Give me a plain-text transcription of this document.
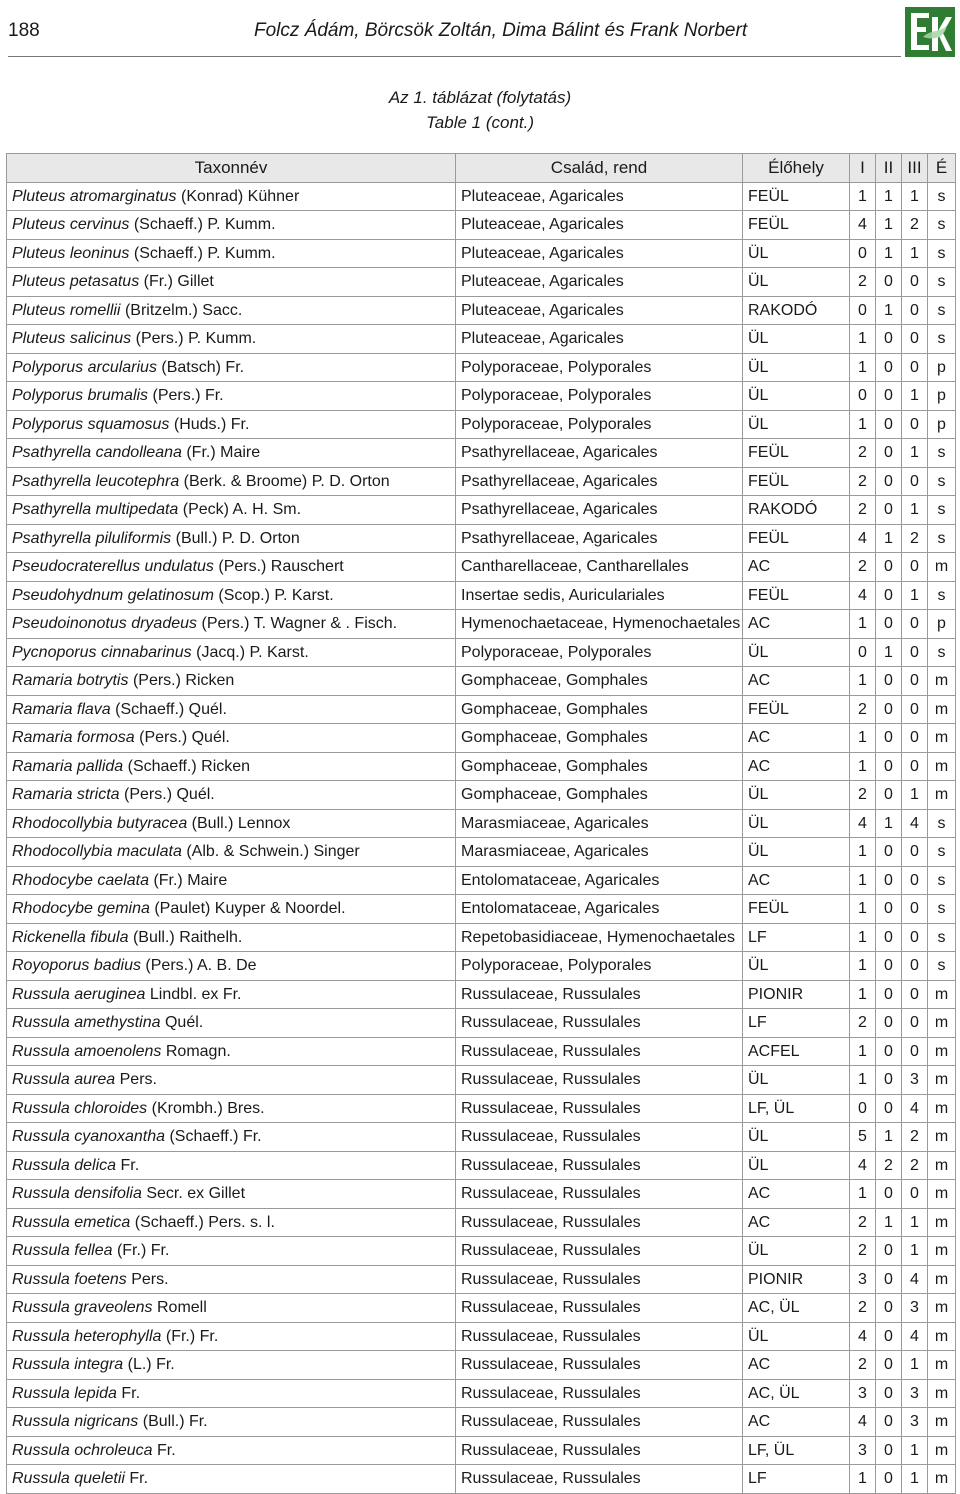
188	Folcz Ádám, Börcsök Zoltán, Dima Bálint és Frank Norbert
Az 1. táblázat (folytatás)
Table 1 (cont.)
Taxonnév	Család, rend	Élőhely	I	II	III	É
Pluteus atromarginatus (Konrad) Kühner	Pluteaceae, Agaricales	FEÜL	1	1	1	s
Pluteus cervinus (Schaeff.) P. Kumm.	Pluteaceae, Agaricales	FEÜL	4	1	2	s
Pluteus leoninus (Schaeff.) P. Kumm.	Pluteaceae, Agaricales	ÜL	0	1	1	s
Pluteus petasatus (Fr.) Gillet	Pluteaceae, Agaricales	ÜL	2	0	0	s
Pluteus romellii (Britzelm.) Sacc.	Pluteaceae, Agaricales	RAKODÓ	0	1	0	s
Pluteus salicinus (Pers.) P. Kumm.	Pluteaceae, Agaricales	ÜL	1	0	0	s
Polyporus arcularius (Batsch) Fr.	Polyporaceae, Polyporales	ÜL	1	0	0	p
Polyporus brumalis (Pers.) Fr.	Polyporaceae, Polyporales	ÜL	0	0	1	p
Polyporus squamosus (Huds.) Fr.	Polyporaceae, Polyporales	ÜL	1	0	0	p
Psathyrella candolleana (Fr.) Maire	Psathyrellaceae, Agaricales	FEÜL	2	0	1	s
Psathyrella leucotephra (Berk. & Broome) P. D. Orton	Psathyrellaceae, Agaricales	FEÜL	2	0	0	s
Psathyrella multipedata (Peck) A. H. Sm.	Psathyrellaceae, Agaricales	RAKODÓ	2	0	1	s
Psathyrella piluliformis (Bull.) P. D. Orton	Psathyrellaceae, Agaricales	FEÜL	4	1	2	s
Pseudocraterellus undulatus (Pers.) Rauschert	Cantharellaceae, Cantharellales	AC	2	0	0	m
Pseudohydnum gelatinosum (Scop.) P. Karst.	Insertae sedis, Auriculariales	FEÜL	4	0	1	s
Pseudoinonotus dryadeus (Pers.) T. Wagner & . Fisch.	Hymenochaetaceae, Hymenochaetales	AC	1	0	0	p
Pycnoporus cinnabarinus (Jacq.) P. Karst.	Polyporaceae, Polyporales	ÜL	0	1	0	s
Ramaria botrytis (Pers.) Ricken	Gomphaceae, Gomphales	AC	1	0	0	m
Ramaria flava (Schaeff.) Quél.	Gomphaceae, Gomphales	FEÜL	2	0	0	m
Ramaria formosa (Pers.) Quél.	Gomphaceae, Gomphales	AC	1	0	0	m
Ramaria pallida (Schaeff.) Ricken	Gomphaceae, Gomphales	AC	1	0	0	m
Ramaria stricta (Pers.) Quél.	Gomphaceae, Gomphales	ÜL	2	0	1	m
Rhodocollybia butyracea (Bull.) Lennox	Marasmiaceae, Agaricales	ÜL	4	1	4	s
Rhodocollybia maculata (Alb. & Schwein.) Singer	Marasmiaceae, Agaricales	ÜL	1	0	0	s
Rhodocybe caelata (Fr.) Maire	Entolomataceae, Agaricales	AC	1	0	0	s
Rhodocybe gemina (Paulet) Kuyper & Noordel.	Entolomataceae, Agaricales	FEÜL	1	0	0	s
Rickenella fibula (Bull.) Raithelh.	Repetobasidiaceae, Hymenochaetales	LF	1	0	0	s
Royoporus badius (Pers.) A. B. De	Polyporaceae, Polyporales	ÜL	1	0	0	s
Russula aeruginea Lindbl. ex Fr.	Russulaceae, Russulales	PIONIR	1	0	0	m
Russula amethystina Quél.	Russulaceae, Russulales	LF	2	0	0	m
Russula amoenolens Romagn.	Russulaceae, Russulales	ACFEL	1	0	0	m
Russula aurea Pers.	Russulaceae, Russulales	ÜL	1	0	3	m
Russula chloroides (Krombh.) Bres.	Russulaceae, Russulales	LF, ÜL	0	0	4	m
Russula cyanoxantha (Schaeff.) Fr.	Russulaceae, Russulales	ÜL	5	1	2	m
Russula delica Fr.	Russulaceae, Russulales	ÜL	4	2	2	m
Russula densifolia Secr. ex Gillet	Russulaceae, Russulales	AC	1	0	0	m
Russula emetica (Schaeff.) Pers. s. l.	Russulaceae, Russulales	AC	2	1	1	m
Russula fellea (Fr.) Fr.	Russulaceae, Russulales	ÜL	2	0	1	m
Russula foetens Pers.	Russulaceae, Russulales	PIONIR	3	0	4	m
Russula graveolens Romell	Russulaceae, Russulales	AC, ÜL	2	0	3	m
Russula heterophylla (Fr.) Fr.	Russulaceae, Russulales	ÜL	4	0	4	m
Russula integra (L.) Fr.	Russulaceae, Russulales	AC	2	0	1	m
Russula lepida Fr.	Russulaceae, Russulales	AC, ÜL	3	0	3	m
Russula nigricans (Bull.) Fr.	Russulaceae, Russulales	AC	4	0	3	m
Russula ochroleuca Fr.	Russulaceae, Russulales	LF, ÜL	3	0	1	m
Russula queletii Fr.	Russulaceae, Russulales	LF	1	0	1	m
